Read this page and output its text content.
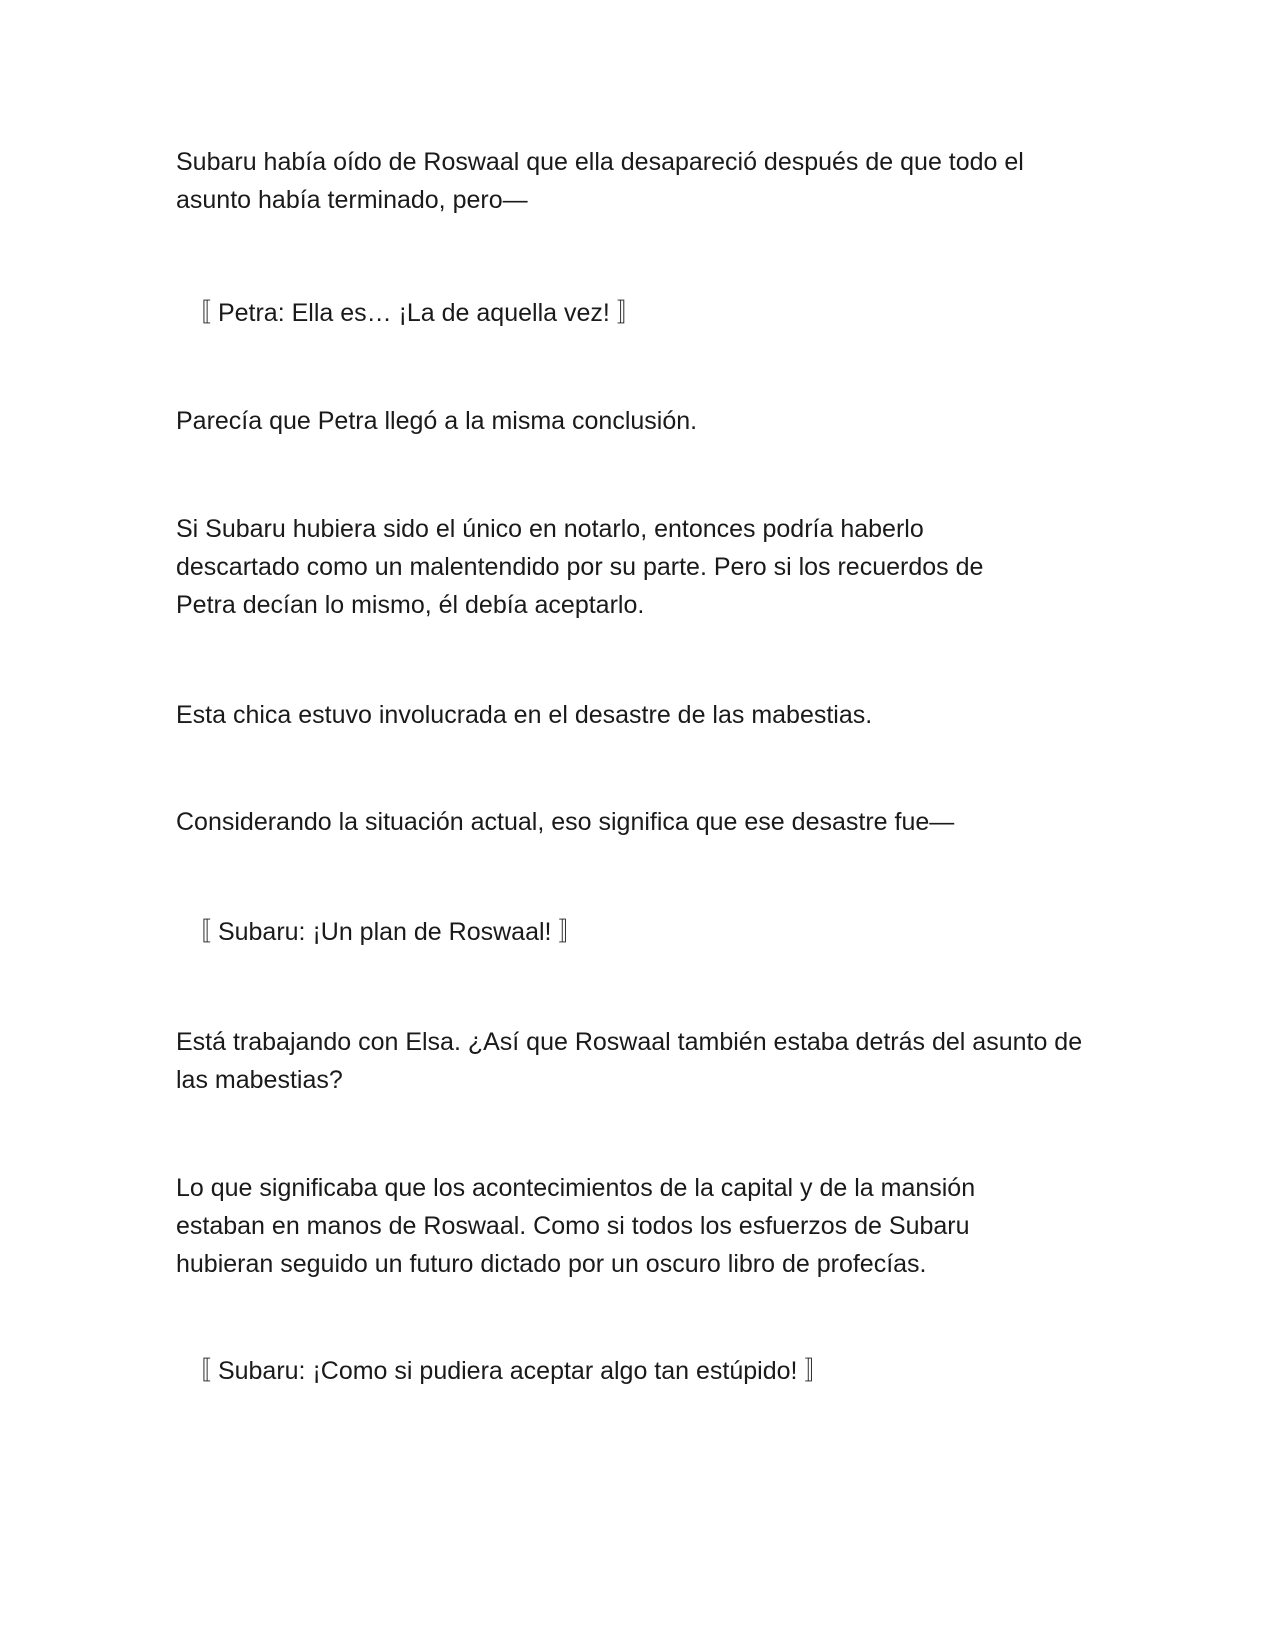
Subaru había oído de Roswaal que ella desapareció después de que todo el asunto había terminado, pero—

〚 Petra: Ella es… ¡La de aquella vez! 〛

Parecía que Petra llegó a la misma conclusión.

Si Subaru hubiera sido el único en notarlo, entonces podría haberlo descartado como un malentendido por su parte. Pero si los recuerdos de Petra decían lo mismo, él debía aceptarlo.

Esta chica estuvo involucrada en el desastre de las mabestias.

Considerando la situación actual, eso significa que ese desastre fue—

〚 Subaru: ¡Un plan de Roswaal! 〛

Está trabajando con Elsa. ¿Así que Roswaal también estaba detrás del asunto de las mabestias?

Lo que significaba que los acontecimientos de la capital y de la mansión estaban en manos de Roswaal. Como si todos los esfuerzos de Subaru hubieran seguido un futuro dictado por un oscuro libro de profecías.

〚 Subaru: ¡Como si pudiera aceptar algo tan estúpido! 〛
